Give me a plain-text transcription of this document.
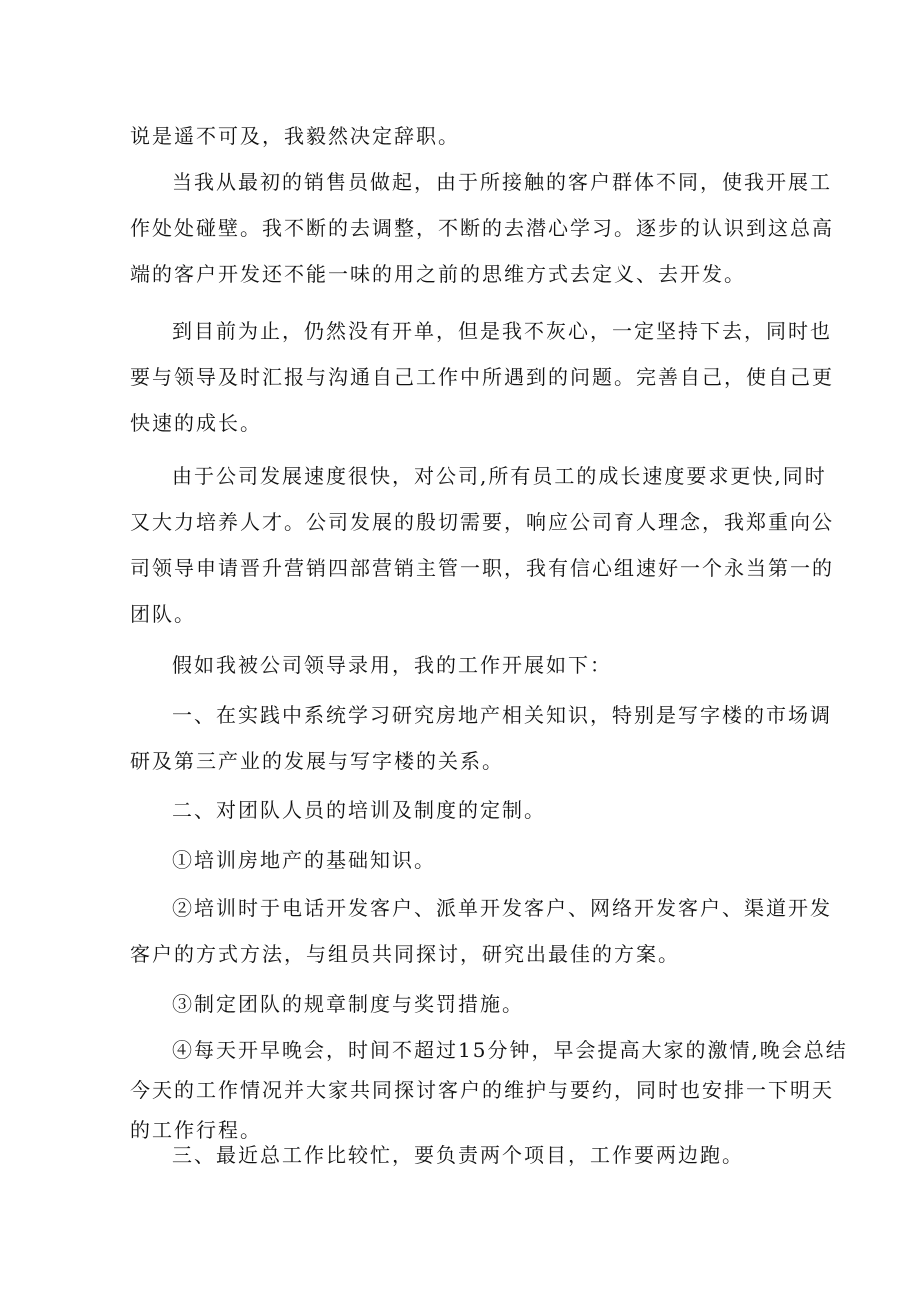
说是遥不可及，我毅然决定辞职。

当我从最初的销售员做起，由于所接触的客户群体不同，使我开展工
作处处碰壁。我不断的去调整，不断的去潜心学习。逐步的认识到这总高
端的客户开发还不能一味的用之前的思维方式去定义、去开发。

到目前为止，仍然没有开单，但是我不灰心，一定坚持下去，同时也
要与领导及时汇报与沟通自己工作中所遇到的问题。完善自己，使自己更
快速的成长。

由于公司发展速度很快，对公司,所有员工的成长速度要求更快,同时
又大力培养人才。公司发展的殷切需要，响应公司育人理念，我郑重向公
司领导申请晋升营销四部营销主管一职，我有信心组速好一个永当第一的
团队。

假如我被公司领导录用，我的工作开展如下：

一、在实践中系统学习研究房地产相关知识，特别是写字楼的市场调
研及第三产业的发展与写字楼的关系。

二、对团队人员的培训及制度的定制。

①培训房地产的基础知识。

②培训时于电话开发客户、派单开发客户、网络开发客户、渠道开发
客户的方式方法，与组员共同探讨，研究出最佳的方案。

③制定团队的规章制度与奖罚措施。

④每天开早晚会，时间不超过15分钟，早会提高大家的激情,晚会总结
今天的工作情况并大家共同探讨客户的维护与要约，同时也安排一下明天
的工作行程。

三、最近总工作比较忙，要负责两个项目，工作要两边跑。
